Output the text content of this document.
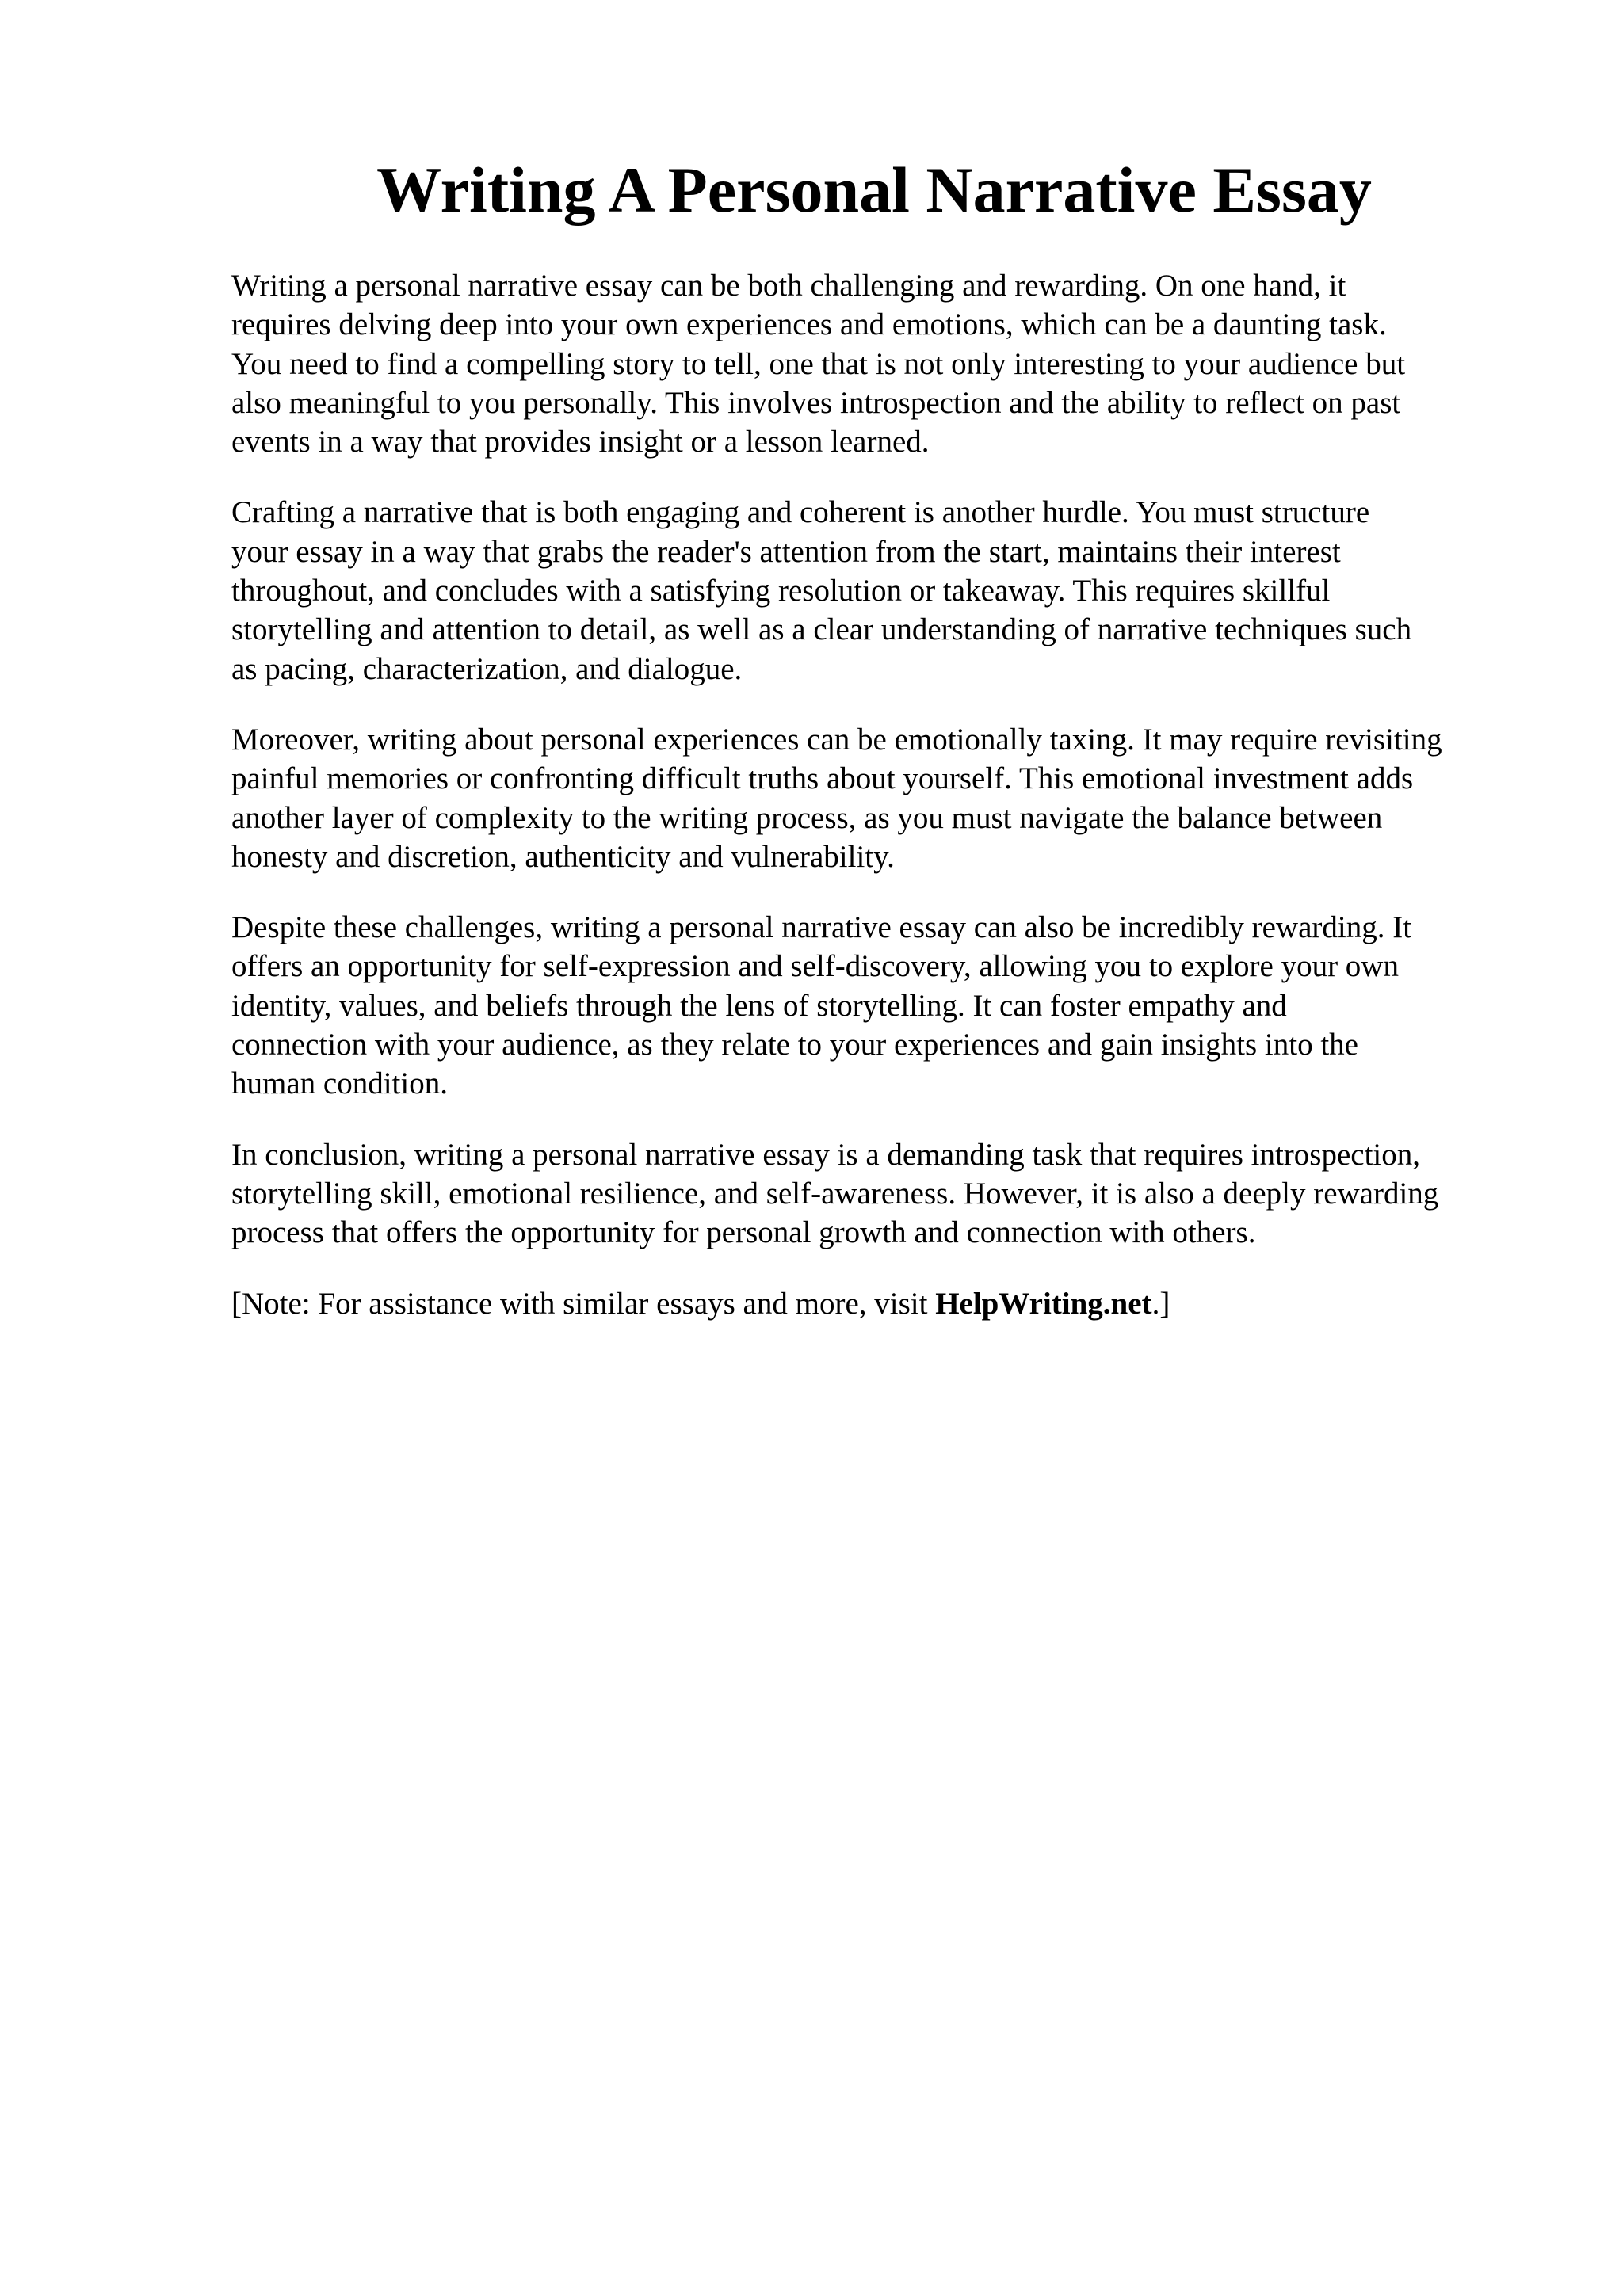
Writing A Personal Narrative Essay

Writing a personal narrative essay can be both challenging and rewarding. On one hand, it
requires delving deep into your own experiences and emotions, which can be a daunting task.
You need to find a compelling story to tell, one that is not only interesting to your audience but
also meaningful to you personally. This involves introspection and the ability to reflect on past
events in a way that provides insight or a lesson learned.

Crafting a narrative that is both engaging and coherent is another hurdle. You must structure
your essay in a way that grabs the reader's attention from the start, maintains their interest
throughout, and concludes with a satisfying resolution or takeaway. This requires skillful
storytelling and attention to detail, as well as a clear understanding of narrative techniques such
as pacing, characterization, and dialogue.

Moreover, writing about personal experiences can be emotionally taxing. It may require revisiting
painful memories or confronting difficult truths about yourself. This emotional investment adds
another layer of complexity to the writing process, as you must navigate the balance between
honesty and discretion, authenticity and vulnerability.

Despite these challenges, writing a personal narrative essay can also be incredibly rewarding. It
offers an opportunity for self-expression and self-discovery, allowing you to explore your own
identity, values, and beliefs through the lens of storytelling. It can foster empathy and
connection with your audience, as they relate to your experiences and gain insights into the
human condition.

In conclusion, writing a personal narrative essay is a demanding task that requires introspection,
storytelling skill, emotional resilience, and self-awareness. However, it is also a deeply rewarding
process that offers the opportunity for personal growth and connection with others.

[Note: For assistance with similar essays and more, visit HelpWriting.net.]
